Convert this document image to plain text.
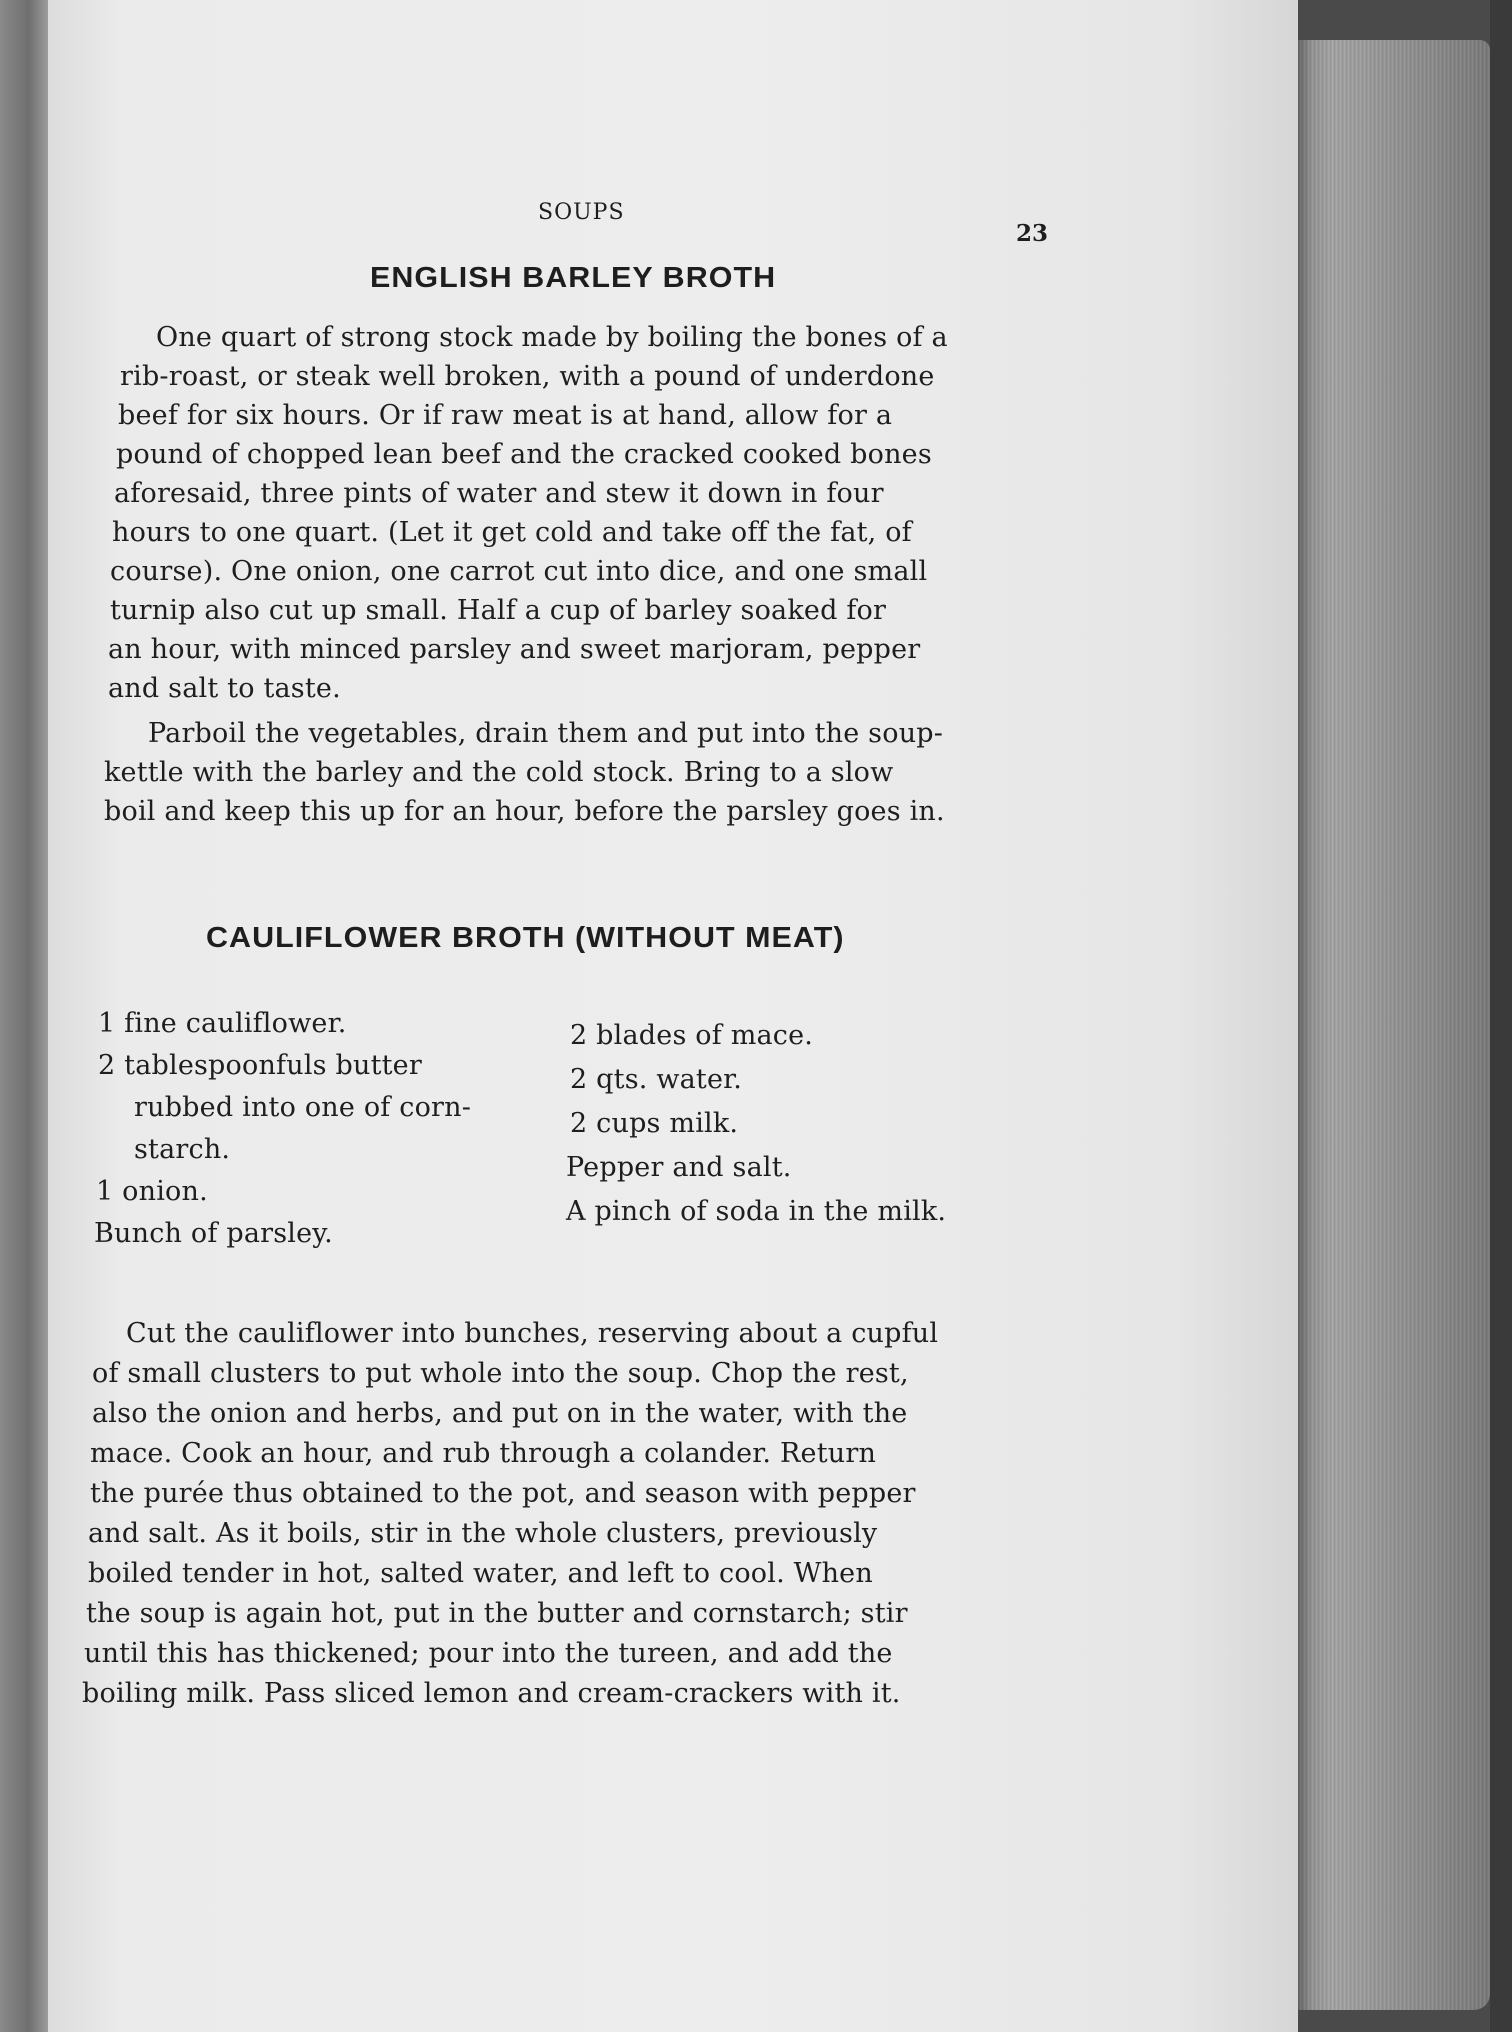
SOUPS
23
ENGLISH BARLEY BROTH
One quart of strong stock made by boiling the bones of a
rib-roast, or steak well broken, with a pound of underdone
beef for six hours. Or if raw meat is at hand, allow for a
pound of chopped lean beef and the cracked cooked bones
aforesaid, three pints of water and stew it down in four
hours to one quart. (Let it get cold and take off the fat, of
course). One onion, one carrot cut into dice, and one small
turnip also cut up small. Half a cup of barley soaked for
an hour, with minced parsley and sweet marjoram, pepper
and salt to taste.
Parboil the vegetables, drain them and put into the soup-
kettle with the barley and the cold stock. Bring to a slow
boil and keep this up for an hour, before the parsley goes in.
CAULIFLOWER BROTH (WITHOUT MEAT)
1 fine cauliflower.
2 tablespoonfuls butter
rubbed into one of corn-
starch.
1 onion.
Bunch of parsley.
2 blades of mace.
2 qts. water.
2 cups milk.
Pepper and salt.
A pinch of soda in the milk.
Cut the cauliflower into bunches, reserving about a cupful
of small clusters to put whole into the soup. Chop the rest,
also the onion and herbs, and put on in the water, with the
mace. Cook an hour, and rub through a colander. Return
the purée thus obtained to the pot, and season with pepper
and salt. As it boils, stir in the whole clusters, previously
boiled tender in hot, salted water, and left to cool. When
the soup is again hot, put in the butter and cornstarch; stir
until this has thickened; pour into the tureen, and add the
boiling milk. Pass sliced lemon and cream-crackers with it.
